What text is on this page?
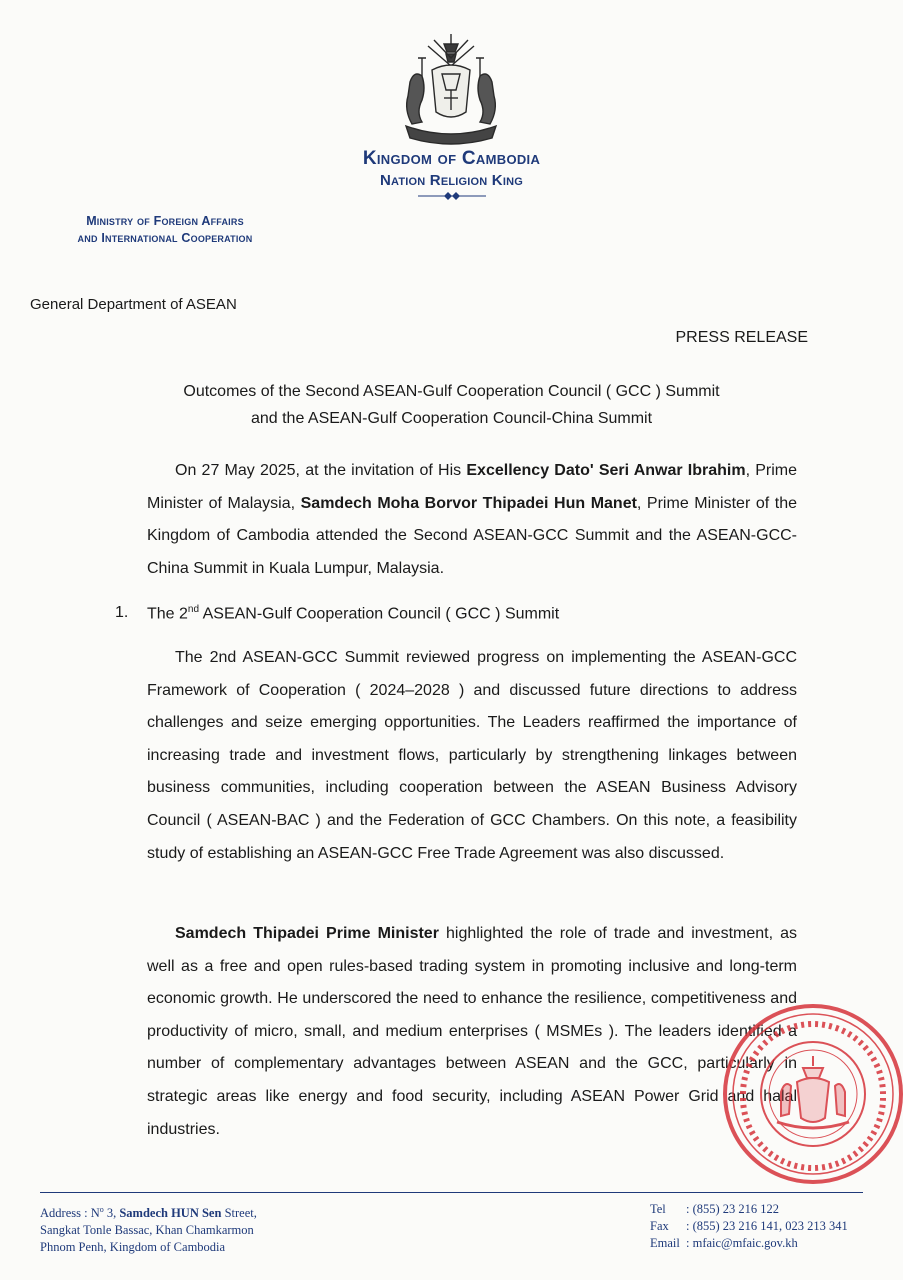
Kingdom of Cambodia
Nation Religion King
Ministry of Foreign Affairs
and International Cooperation
General Department of ASEAN
PRESS RELEASE
Outcomes of the Second ASEAN-Gulf Cooperation Council ( GCC ) Summit
and the ASEAN-Gulf Cooperation Council-China Summit
On 27 May 2025, at the invitation of His Excellency Dato' Seri Anwar Ibrahim, Prime Minister of Malaysia, Samdech Moha Borvor Thipadei Hun Manet, Prime Minister of the Kingdom of Cambodia attended the Second ASEAN-GCC Summit and the ASEAN-GCC-China Summit in Kuala Lumpur, Malaysia.
1. The 2nd ASEAN-Gulf Cooperation Council ( GCC ) Summit
The 2nd ASEAN-GCC Summit reviewed progress on implementing the ASEAN-GCC Framework of Cooperation ( 2024–2028 ) and discussed future directions to address challenges and seize emerging opportunities. The Leaders reaffirmed the importance of increasing trade and investment flows, particularly by strengthening linkages between business communities, including cooperation between the ASEAN Business Advisory Council ( ASEAN-BAC ) and the Federation of GCC Chambers. On this note, a feasibility study of establishing an ASEAN-GCC Free Trade Agreement was also discussed.
Samdech Thipadei Prime Minister highlighted the role of trade and investment, as well as a free and open rules-based trading system in promoting inclusive and long-term economic growth. He underscored the need to enhance the resilience, competitiveness and productivity of micro, small, and medium enterprises ( MSMEs ). The leaders identified a number of complementary advantages between ASEAN and the GCC, particularly in strategic areas like energy and food security, including ASEAN Power Grid and halal industries.
Address : $N^o$ 3, Samdech HUN Sen Street,
Sangkat Tonle Bassac, Khan Chamkarmon
Phnom Penh, Kingdom of Cambodia
Tel : (855) 23 216 122
Fax : (855) 23 216 141, 023 213 341
Email : mfaic@mfaic.gov.kh
